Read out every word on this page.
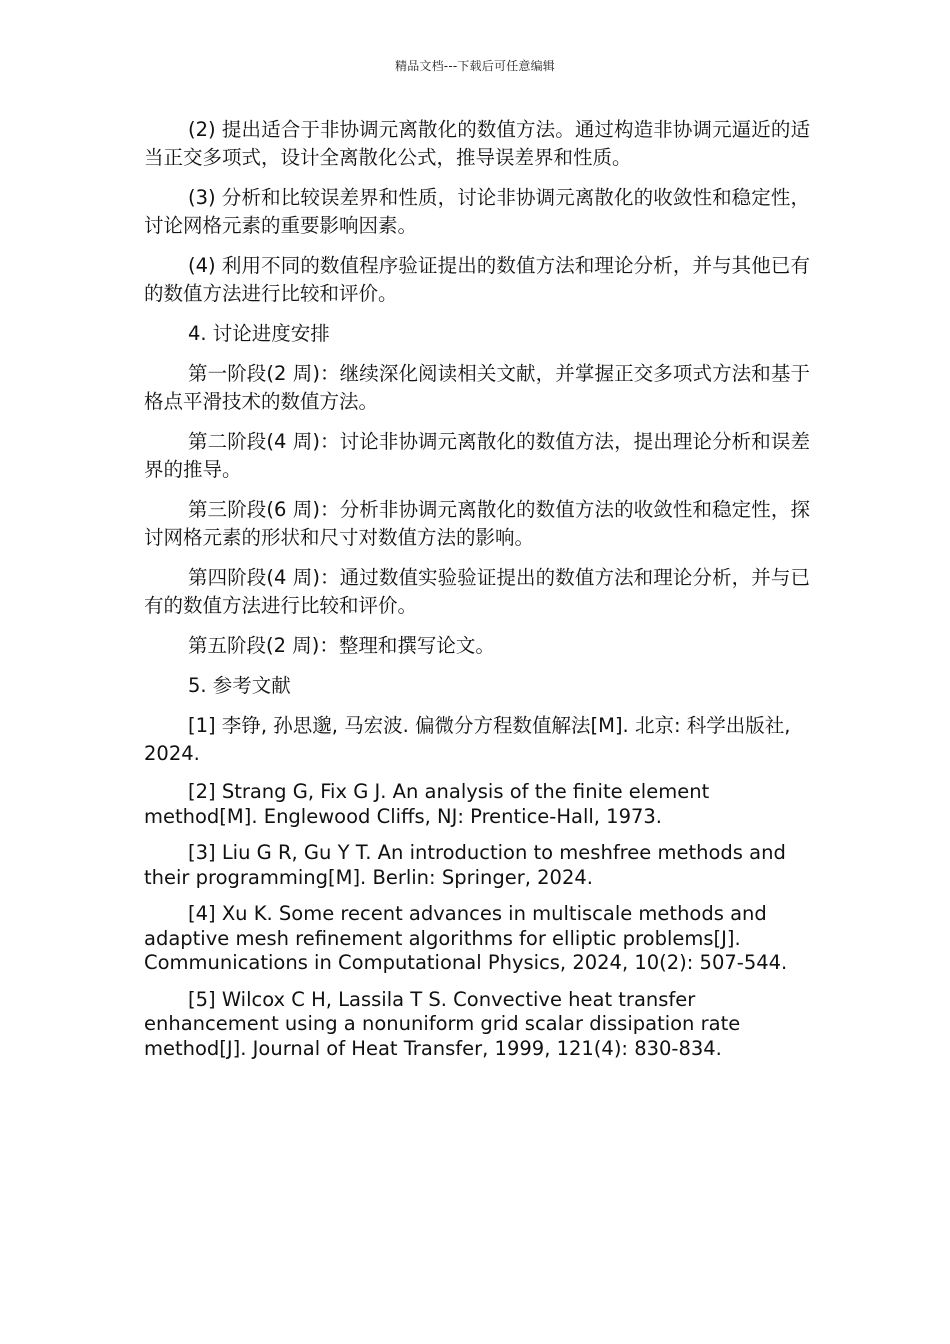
精品文档---下载后可任意编辑

(2) 提出适合于非协调元离散化的数值方法。通过构造非协调元逼近的适当正交多项式，设计全离散化公式，推导误差界和性质。

(3) 分析和比较误差界和性质，讨论非协调元离散化的收敛性和稳定性，讨论网格元素的重要影响因素。

(4) 利用不同的数值程序验证提出的数值方法和理论分析，并与其他已有的数值方法进行比较和评价。

4. 讨论进度安排

第一阶段(2 周)：继续深化阅读相关文献，并掌握正交多项式方法和基于格点平滑技术的数值方法。

第二阶段(4 周)：讨论非协调元离散化的数值方法，提出理论分析和误差界的推导。

第三阶段(6 周)：分析非协调元离散化的数值方法的收敛性和稳定性，探讨网格元素的形状和尺寸对数值方法的影响。

第四阶段(4 周)：通过数值实验验证提出的数值方法和理论分析，并与已有的数值方法进行比较和评价。

第五阶段(2 周)：整理和撰写论文。

5. 参考文献

[1] 李铮, 孙思邈, 马宏波. 偏微分方程数值解法[M]. 北京: 科学出版社, 2024.

[2] Strang G, Fix G J. An analysis of the finite element method[M]. Englewood Cliffs, NJ: Prentice-Hall, 1973.

[3] Liu G R, Gu Y T. An introduction to meshfree methods and their programming[M]. Berlin: Springer, 2024.

[4] Xu K. Some recent advances in multiscale methods and adaptive mesh refinement algorithms for elliptic problems[J]. Communications in Computational Physics, 2024, 10(2): 507-544.

[5] Wilcox C H, Lassila T S. Convective heat transfer enhancement using a nonuniform grid scalar dissipation rate method[J]. Journal of Heat Transfer, 1999, 121(4): 830-834.
